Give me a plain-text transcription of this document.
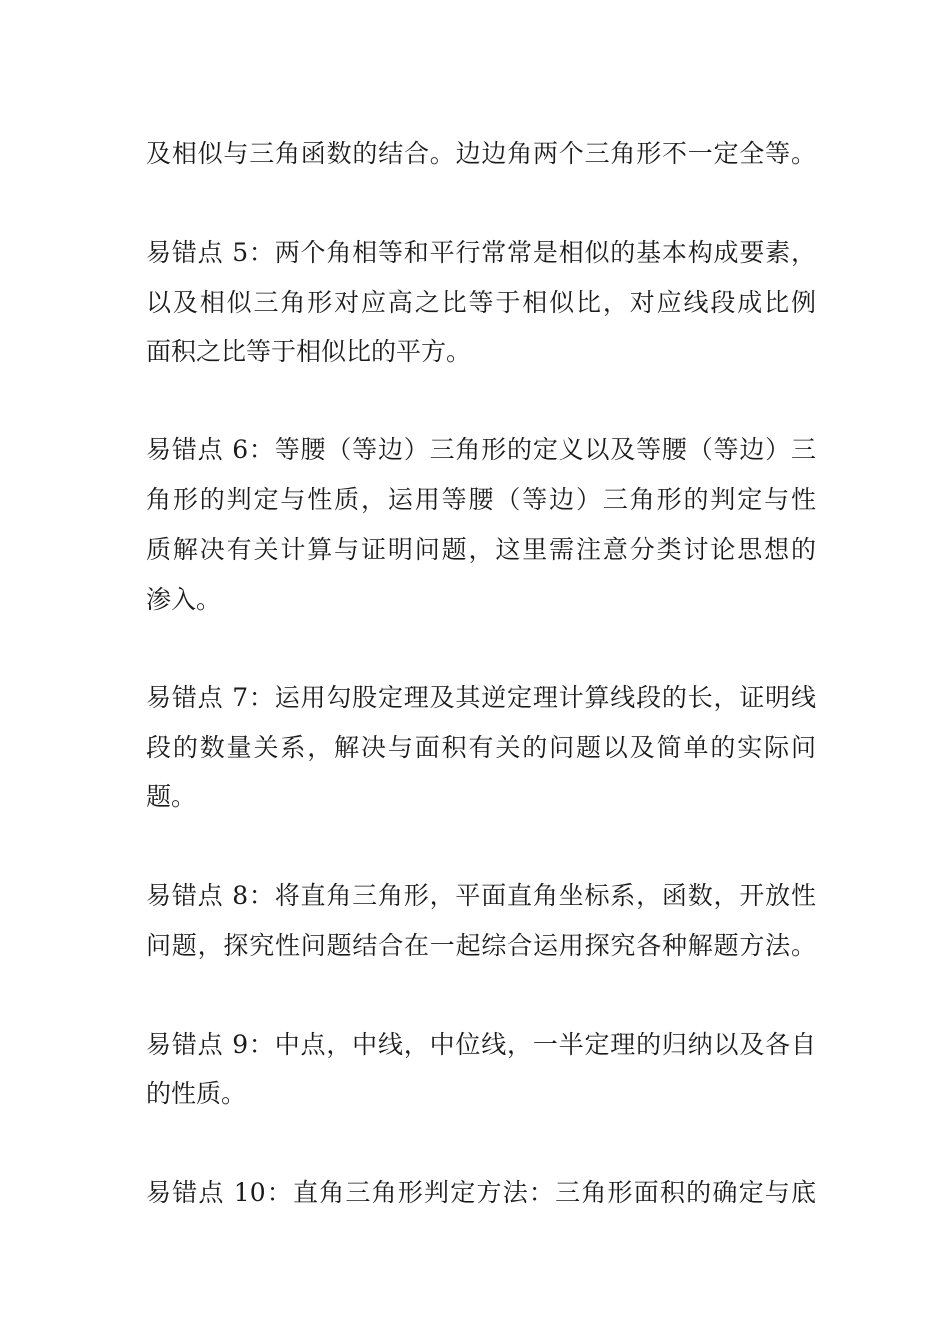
及相似与三角函数的结合。边边角两个三角形不一定全等。
易错点 5：两个角相等和平行常常是相似的基本构成要素，
以及相似三角形对应高之比等于相似比，对应线段成比例
面积之比等于相似比的平方。
易错点 6：等腰（等边）三角形的定义以及等腰（等边）三
角形的判定与性质，运用等腰（等边）三角形的判定与性
质解决有关计算与证明问题，这里需注意分类讨论思想的
渗入。
易错点 7：运用勾股定理及其逆定理计算线段的长，证明线
段的数量关系，解决与面积有关的问题以及简单的实际问
题。
易错点 8：将直角三角形，平面直角坐标系，函数，开放性
问题，探究性问题结合在一起综合运用探究各种解题方法。
易错点 9：中点，中线，中位线，一半定理的归纳以及各自
的性质。
易错点 10：直角三角形判定方法：三角形面积的确定与底
